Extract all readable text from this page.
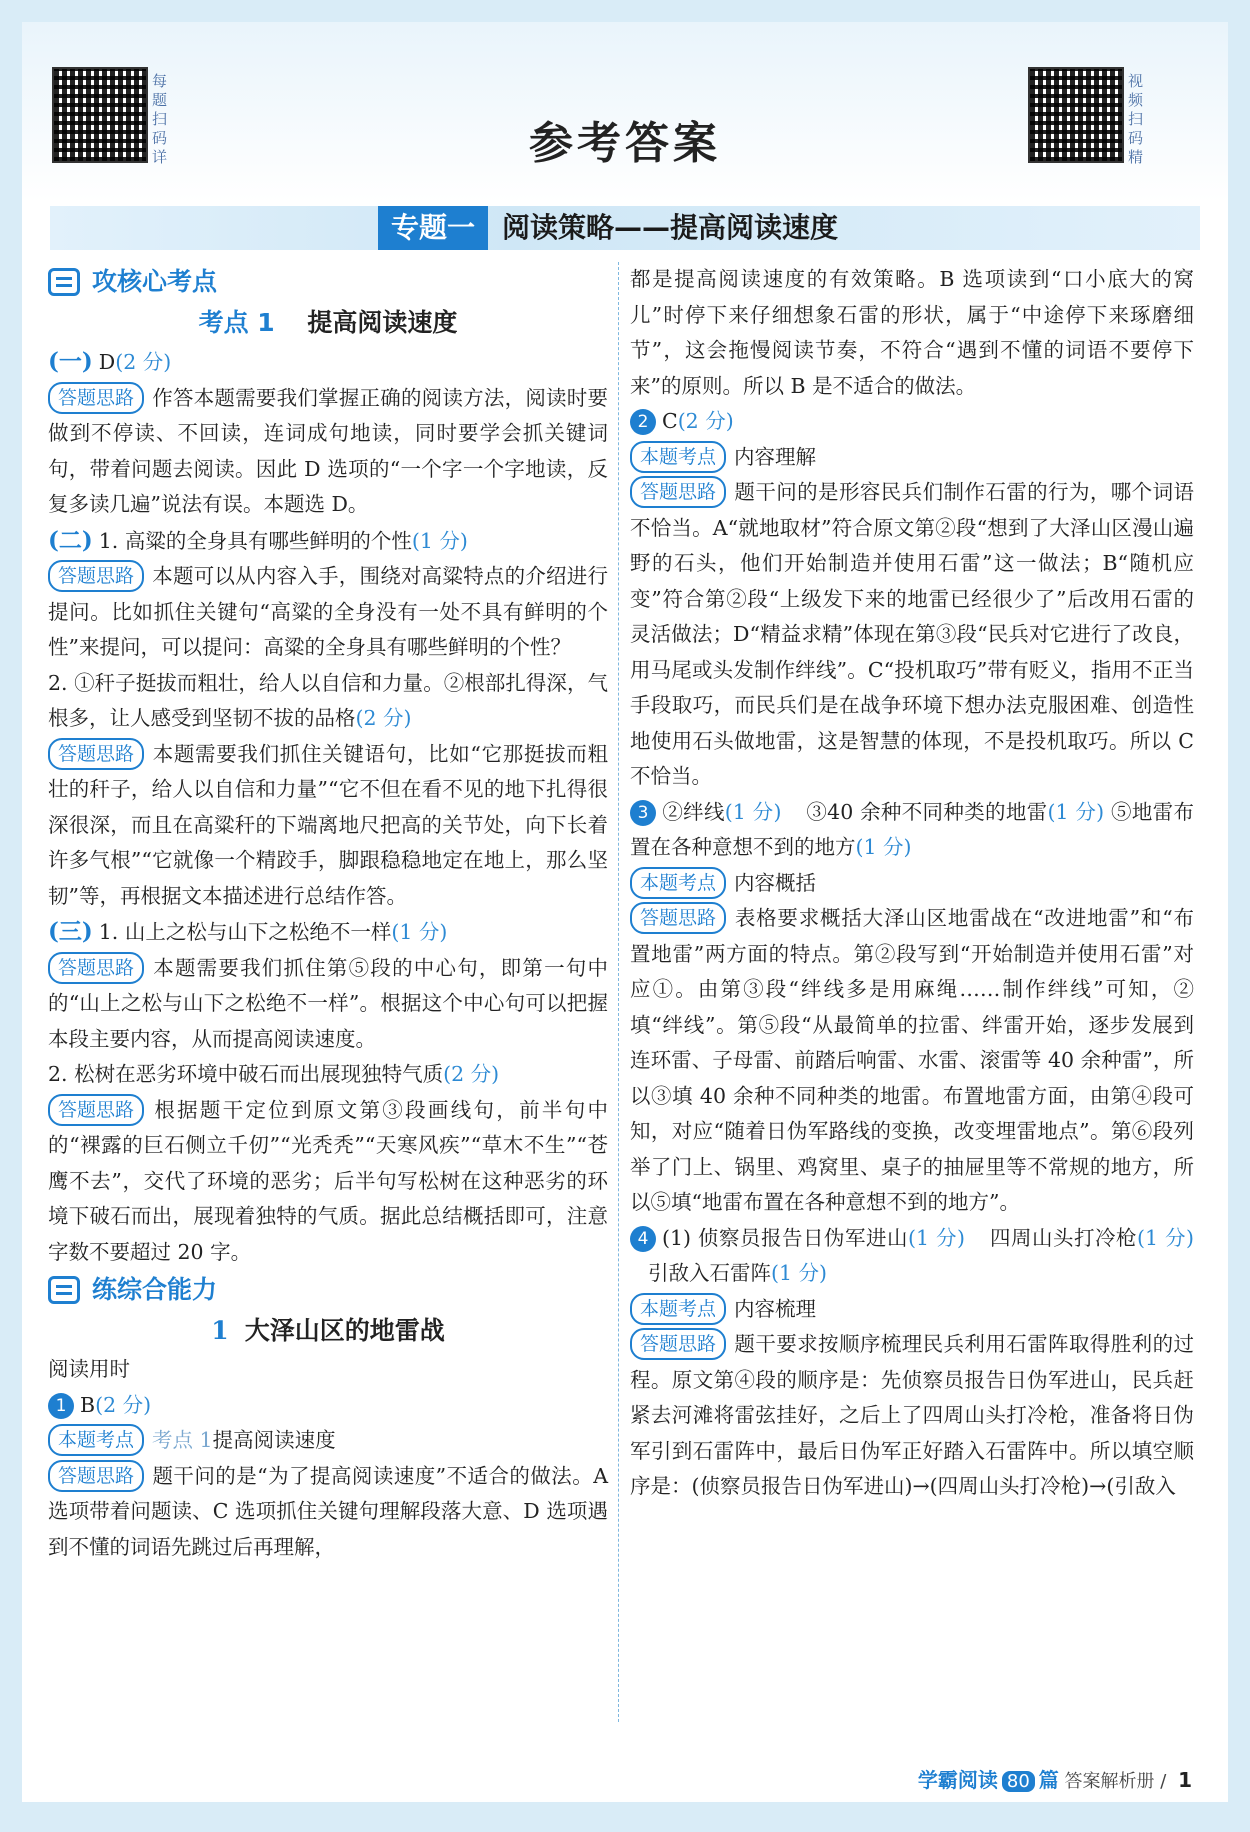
每
题
扫
码
详	参考答案
视
频
扫
码
精
专题一 阅读策略——提高阅读速度
攻核心考点
考点 1 提高阅读速度

(一) D(2 分)

答题思路 作答本题需要我们掌握正确的阅读方法，阅读时要做到不停读、不回读，连词成句地读，同时要学会抓关键词句，带着问题去阅读。因此 D 选项的“一个字一个字地读，反复多读几遍”说法有误。本题选 D。

(二) 1. 高粱的全身具有哪些鲜明的个性(1 分)

答题思路 本题可以从内容入手，围绕对高粱特点的介绍进行提问。比如抓住关键句“高粱的全身没有一处不具有鲜明的个性”来提问，可以提问：高粱的全身具有哪些鲜明的个性？

2. ①秆子挺拔而粗壮，给人以自信和力量。②根部扎得深，气根多，让人感受到坚韧不拔的品格(2 分)

答题思路 本题需要我们抓住关键语句，比如“它那挺拔而粗壮的秆子，给人以自信和力量”“它不但在看不见的地下扎得很深很深，而且在高粱秆的下端离地尺把高的关节处，向下长着许多气根”“它就像一个精跤手，脚跟稳稳地定在地上，那么坚韧”等，再根据文本描述进行总结作答。

(三) 1. 山上之松与山下之松绝不一样(1 分)

答题思路 本题需要我们抓住第⑤段的中心句，即第一句中的“山上之松与山下之松绝不一样”。根据这个中心句可以把握本段主要内容，从而提高阅读速度。

2. 松树在恶劣环境中破石而出展现独特气质(2 分)

答题思路 根据题干定位到原文第③段画线句，前半句中的“裸露的巨石侧立千仞”“光秃秃”“天寒风疾”“草木不生”“苍鹰不去”，交代了环境的恶劣；后半句写松树在这种恶劣的环境下破石而出，展现着独特的气质。据此总结概括即可，注意字数不要超过 20 字。

练综合能力
1 大泽山区的地雷战

阅读用时

1 B(2 分)

本题考点 考点 1提高阅读速度

答题思路 题干问的是“为了提高阅读速度”不适合的做法。A 选项带着问题读、C 选项抓住关键句理解段落大意、D 选项遇到不懂的词语先跳过后再理解，

都是提高阅读速度的有效策略。B 选项读到“口小底大的窝儿”时停下来仔细想象石雷的形状，属于“中途停下来琢磨细节”，这会拖慢阅读节奏，不符合“遇到不懂的词语不要停下来”的原则。所以 B 是不适合的做法。

2 C(2 分)

本题考点 内容理解

答题思路 题干问的是形容民兵们制作石雷的行为，哪个词语不恰当。A“就地取材”符合原文第②段“想到了大泽山区漫山遍野的石头，他们开始制造并使用石雷”这一做法；B“随机应变”符合第②段“上级发下来的地雷已经很少了”后改用石雷的灵活做法；D“精益求精”体现在第③段“民兵对它进行了改良，用马尾或头发制作绊线”。C“投机取巧”带有贬义，指用不正当手段取巧，而民兵们是在战争环境下想办法克服困难、创造性地使用石头做地雷，这是智慧的体现，不是投机取巧。所以 C 不恰当。

3 ②绊线(1 分) ③40 余种不同种类的地雷(1 分) ⑤地雷布置在各种意想不到的地方(1 分)

本题考点 内容概括

答题思路 表格要求概括大泽山区地雷战在“改进地雷”和“布置地雷”两方面的特点。第②段写到“开始制造并使用石雷”对应①。由第③段“绊线多是用麻绳……制作绊线”可知，②填“绊线”。第⑤段“从最简单的拉雷、绊雷开始，逐步发展到连环雷、子母雷、前踏后响雷、水雷、滚雷等 40 余种雷”，所以③填 40 余种不同种类的地雷。布置地雷方面，由第④段可知，对应“随着日伪军路线的变换，改变埋雷地点”。第⑥段列举了门上、锅里、鸡窝里、桌子的抽屉里等不常规的地方，所以⑤填“地雷布置在各种意想不到的地方”。

4 (1) 侦察员报告日伪军进山(1 分) 四周山头打冷枪(1 分) 引敌入石雷阵(1 分)

本题考点 内容梳理

答题思路 题干要求按顺序梳理民兵利用石雷阵取得胜利的过程。原文第④段的顺序是：先侦察员报告日伪军进山，民兵赶紧去河滩将雷弦挂好，之后上了四周山头打冷枪，准备将日伪军引到石雷阵中，最后日伪军正好踏入石雷阵中。所以填空顺序是：(侦察员报告日伪军进山)→(四周山头打冷枪)→(引敌入

学霸阅读 80 篇 答案解析册 / 1
